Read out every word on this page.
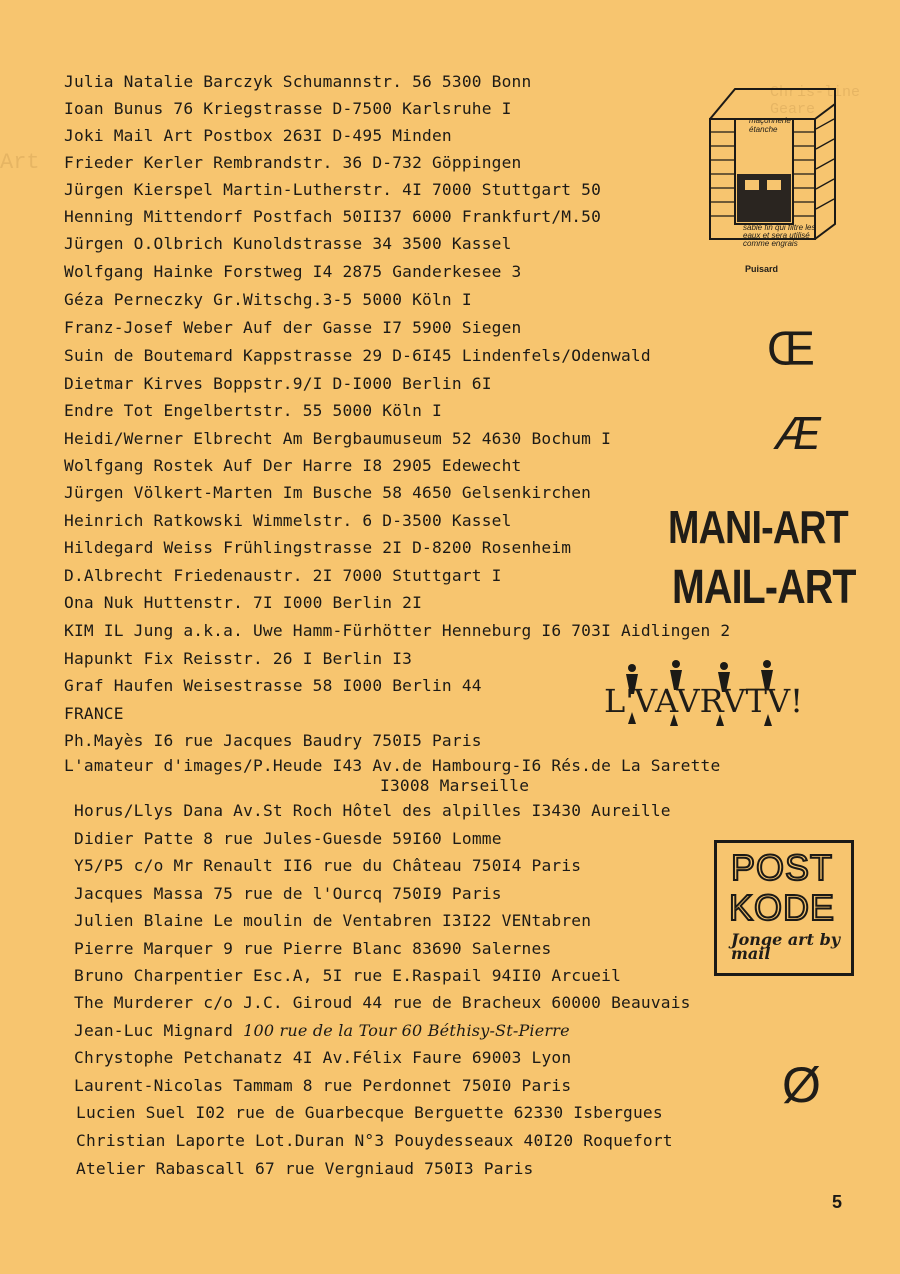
Chris-line Geare
Art
Julia Natalie Barczyk Schumannstr. 56 5300 Bonn
Ioan Bunus 76 Kriegstrasse D-7500 Karlsruhe I
Joki Mail Art Postbox 263I D-495 Minden
Frieder Kerler Rembrandstr. 36 D-732 Göppingen
Jürgen Kierspel Martin-Lutherstr. 4I 7000 Stuttgart 50
Henning Mittendorf Postfach 50II37 6000 Frankfurt/M.50
Jürgen O.Olbrich Kunoldstrasse 34 3500 Kassel
Wolfgang Hainke Forstweg I4 2875 Ganderkesee 3
Géza Perneczky Gr.Witschg.3-5 5000 Köln I
Franz-Josef Weber Auf der Gasse I7 5900 Siegen
Suin de Boutemard Kappstrasse 29 D-6I45 Lindenfels/Odenwald
Dietmar Kirves Boppstr.9/I D-I000 Berlin 6I
Endre Tot Engelbertstr. 55 5000 Köln I
Heidi/Werner Elbrecht Am Bergbaumuseum 52 4630 Bochum I
Wolfgang Rostek Auf Der Harre I8 2905 Edewecht
Jürgen Völkert-Marten Im Busche 58 4650 Gelsenkirchen
Heinrich Ratkowski Wimmelstr. 6 D-3500 Kassel
Hildegard Weiss Frühlingstrasse 2I D-8200 Rosenheim
D.Albrecht Friedenaustr. 2I 7000 Stuttgart I
Ona Nuk Huttenstr. 7I I000 Berlin 2I
KIM IL Jung a.k.a. Uwe Hamm-Fürhötter Henneburg I6 703I Aidlingen 2
Hapunkt Fix Reisstr. 26 I Berlin I3
Graf Haufen Weisestrasse 58 I000 Berlin 44
FRANCE
Ph.Mayès I6 rue Jacques Baudry 750I5 Paris
L'amateur d'images/P.Heude I43 Av.de Hambourg-I6 Rés.de La Sarette
I3008 Marseille
Horus/Llys Dana Av.St Roch Hôtel des alpilles I3430 Aureille
Didier Patte 8 rue Jules-Guesde 59I60 Lomme
Y5/P5 c/o Mr Renault II6 rue du Château 750I4 Paris
Jacques Massa 75 rue de l'Ourcq 750I9 Paris
Julien Blaine Le moulin de Ventabren I3I22 VENtabren
Pierre Marquer 9 rue Pierre Blanc 83690 Salernes
Bruno Charpentier Esc.A, 5I rue E.Raspail 94II0 Arcueil
The Murderer c/o J.C. Giroud 44 rue de Bracheux 60000 Beauvais
Jean-Luc Mignard 100 rue de la Tour 60 Béthisy-St-Pierre
Chrystophe Petchanatz 4I Av.Félix Faure 69003 Lyon
Laurent-Nicolas Tammam 8 rue Perdonnet 750I0 Paris
Lucien Suel I02 rue de Guarbecque Berguette 62330 Isbergues
Christian Laporte Lot.Duran N°3 Pouydesseaux 40I20 Roquefort
Atelier Rabascall 67 rue Vergniaud 750I3 Paris
maçonnerie étanche
sable fin qui filtre les eaux et sera utilisé comme engrais
Puisard
Œ
Æ
MANI-ART
MAIL-ART
L'VAVRVTV!
POST
KODE
Jonge art by mail
Ø
5
